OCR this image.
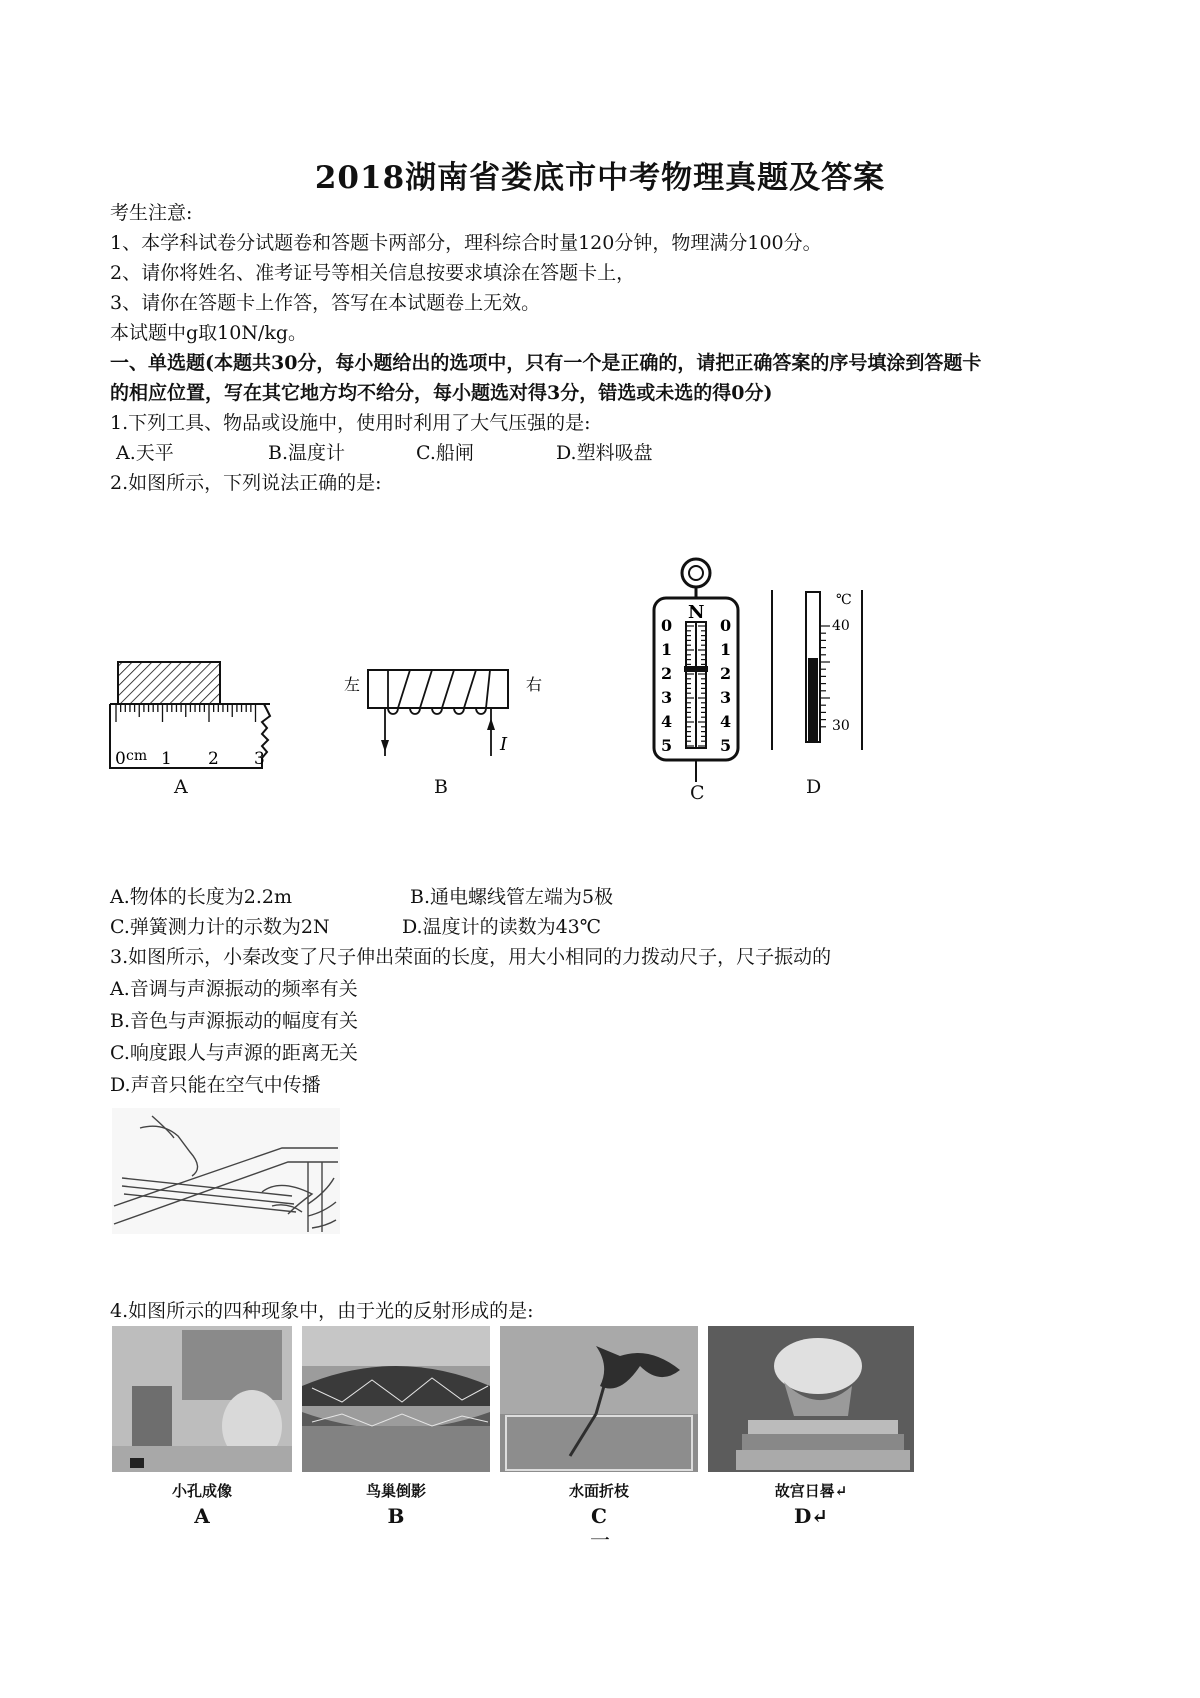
2018湖南省娄底市中考物理真题及答案
考生注意:
1、本学科试卷分试题卷和答题卡两部分，理科综合时量120分钟，物理满分100分。
2、请你将姓名、准考证号等相关信息按要求填涂在答题卡上，
3、请你在答题卡上作答，答写在本试题卷上无效。
本试题中g取10N/kg。
一、单选题(本题共30分，每小题给出的选项中，只有一个是正确的，请把正确答案的序号填涂到答题卡
的相应位置，写在其它地方均不给分，每小题选对得3分，错选或未选的得0分)
1.下列工具、物品或设施中，使用时利用了大气压强的是:
A.天平	B.温度计	C.船闸	D.塑料吸盘
2.如图所示，下列说法正确的是:
0 cm 1 2 3
A
左	右
I
B
N
0
1
2
3
4
5
0
1
2
3
4
5
C
℃
40
30
D
A.物体的长度为2.2m	B.通电螺线管左端为5极
C.弹簧测力计的示数为2N	D.温度计的读数为43℃
3.如图所示，小秦改变了尺子伸出荣面的长度，用大小相同的力拨动尺子，尺子振动的
A.音调与声源振动的频率有关
B.音色与声源振动的幅度有关
C.响度跟人与声源的距离无关
D.声音只能在空气中传播
4.如图所示的四种现象中，由于光的反射形成的是:
小孔成像	鸟巢倒影	水面折枝	故宫日晷↵
A	B	C	D↵
一
